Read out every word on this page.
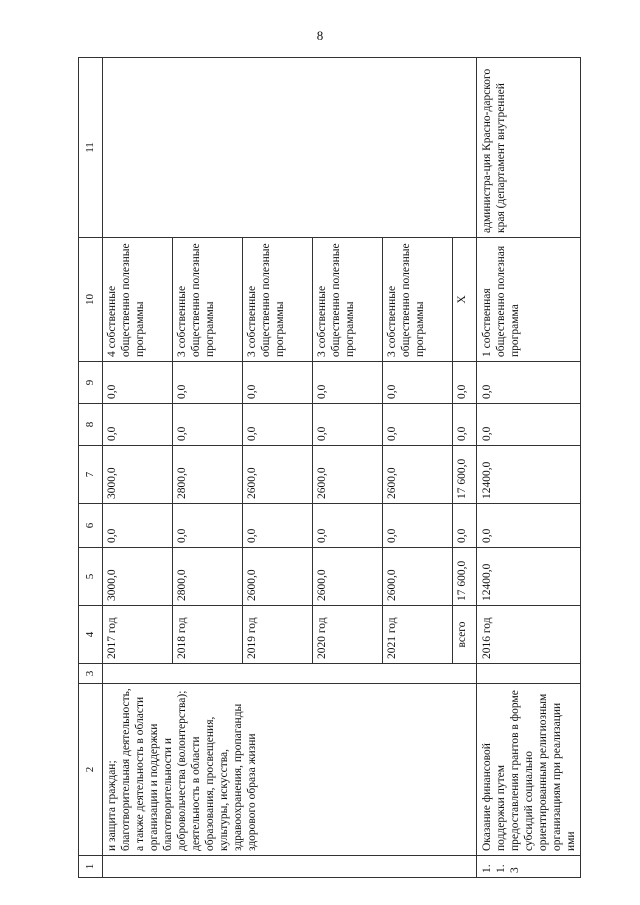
8
1	2	3	4	5	6	7	8	9	10	11
	и защита граждан; благотворительная деятельность, а также деятельность в области организации и поддержки благотворительности и добровольчества (волонтерства); деятельность в области образования, просвещения, культуры, искусства, здравоохранения, пропаганды здорового образа жизни		2017 год	3000,0	0,0	3000,0	0,0	0,0	4 собственные общественно полезные программы	
			2018 год	2800,0	0,0	2800,0	0,0	0,0	3 собственные общественно полезные программы	
			2019 год	2600,0	0,0	2600,0	0,0	0,0	3 собственные общественно полезные программы	
			2020 год	2600,0	0,0	2600,0	0,0	0,0	3 собственные общественно полезные программы	
			2021 год	2600,0	0,0	2600,0	0,0	0,0	3 собственные общественно полезные программы	
			всего	17 600,0	0,0	17 600,0	0,0	0,0	Х	
1.1.3	Оказание финансовой поддержки путем предоставления грантов в форме субсидий социально ориентированным религиозным организациям при реализации ими		2016 год	12400,0	0,0	12400,0	0,0	0,0	1 собственная общественно полезная программа	администра-ция Красно-дарского края (департамент внутренней
